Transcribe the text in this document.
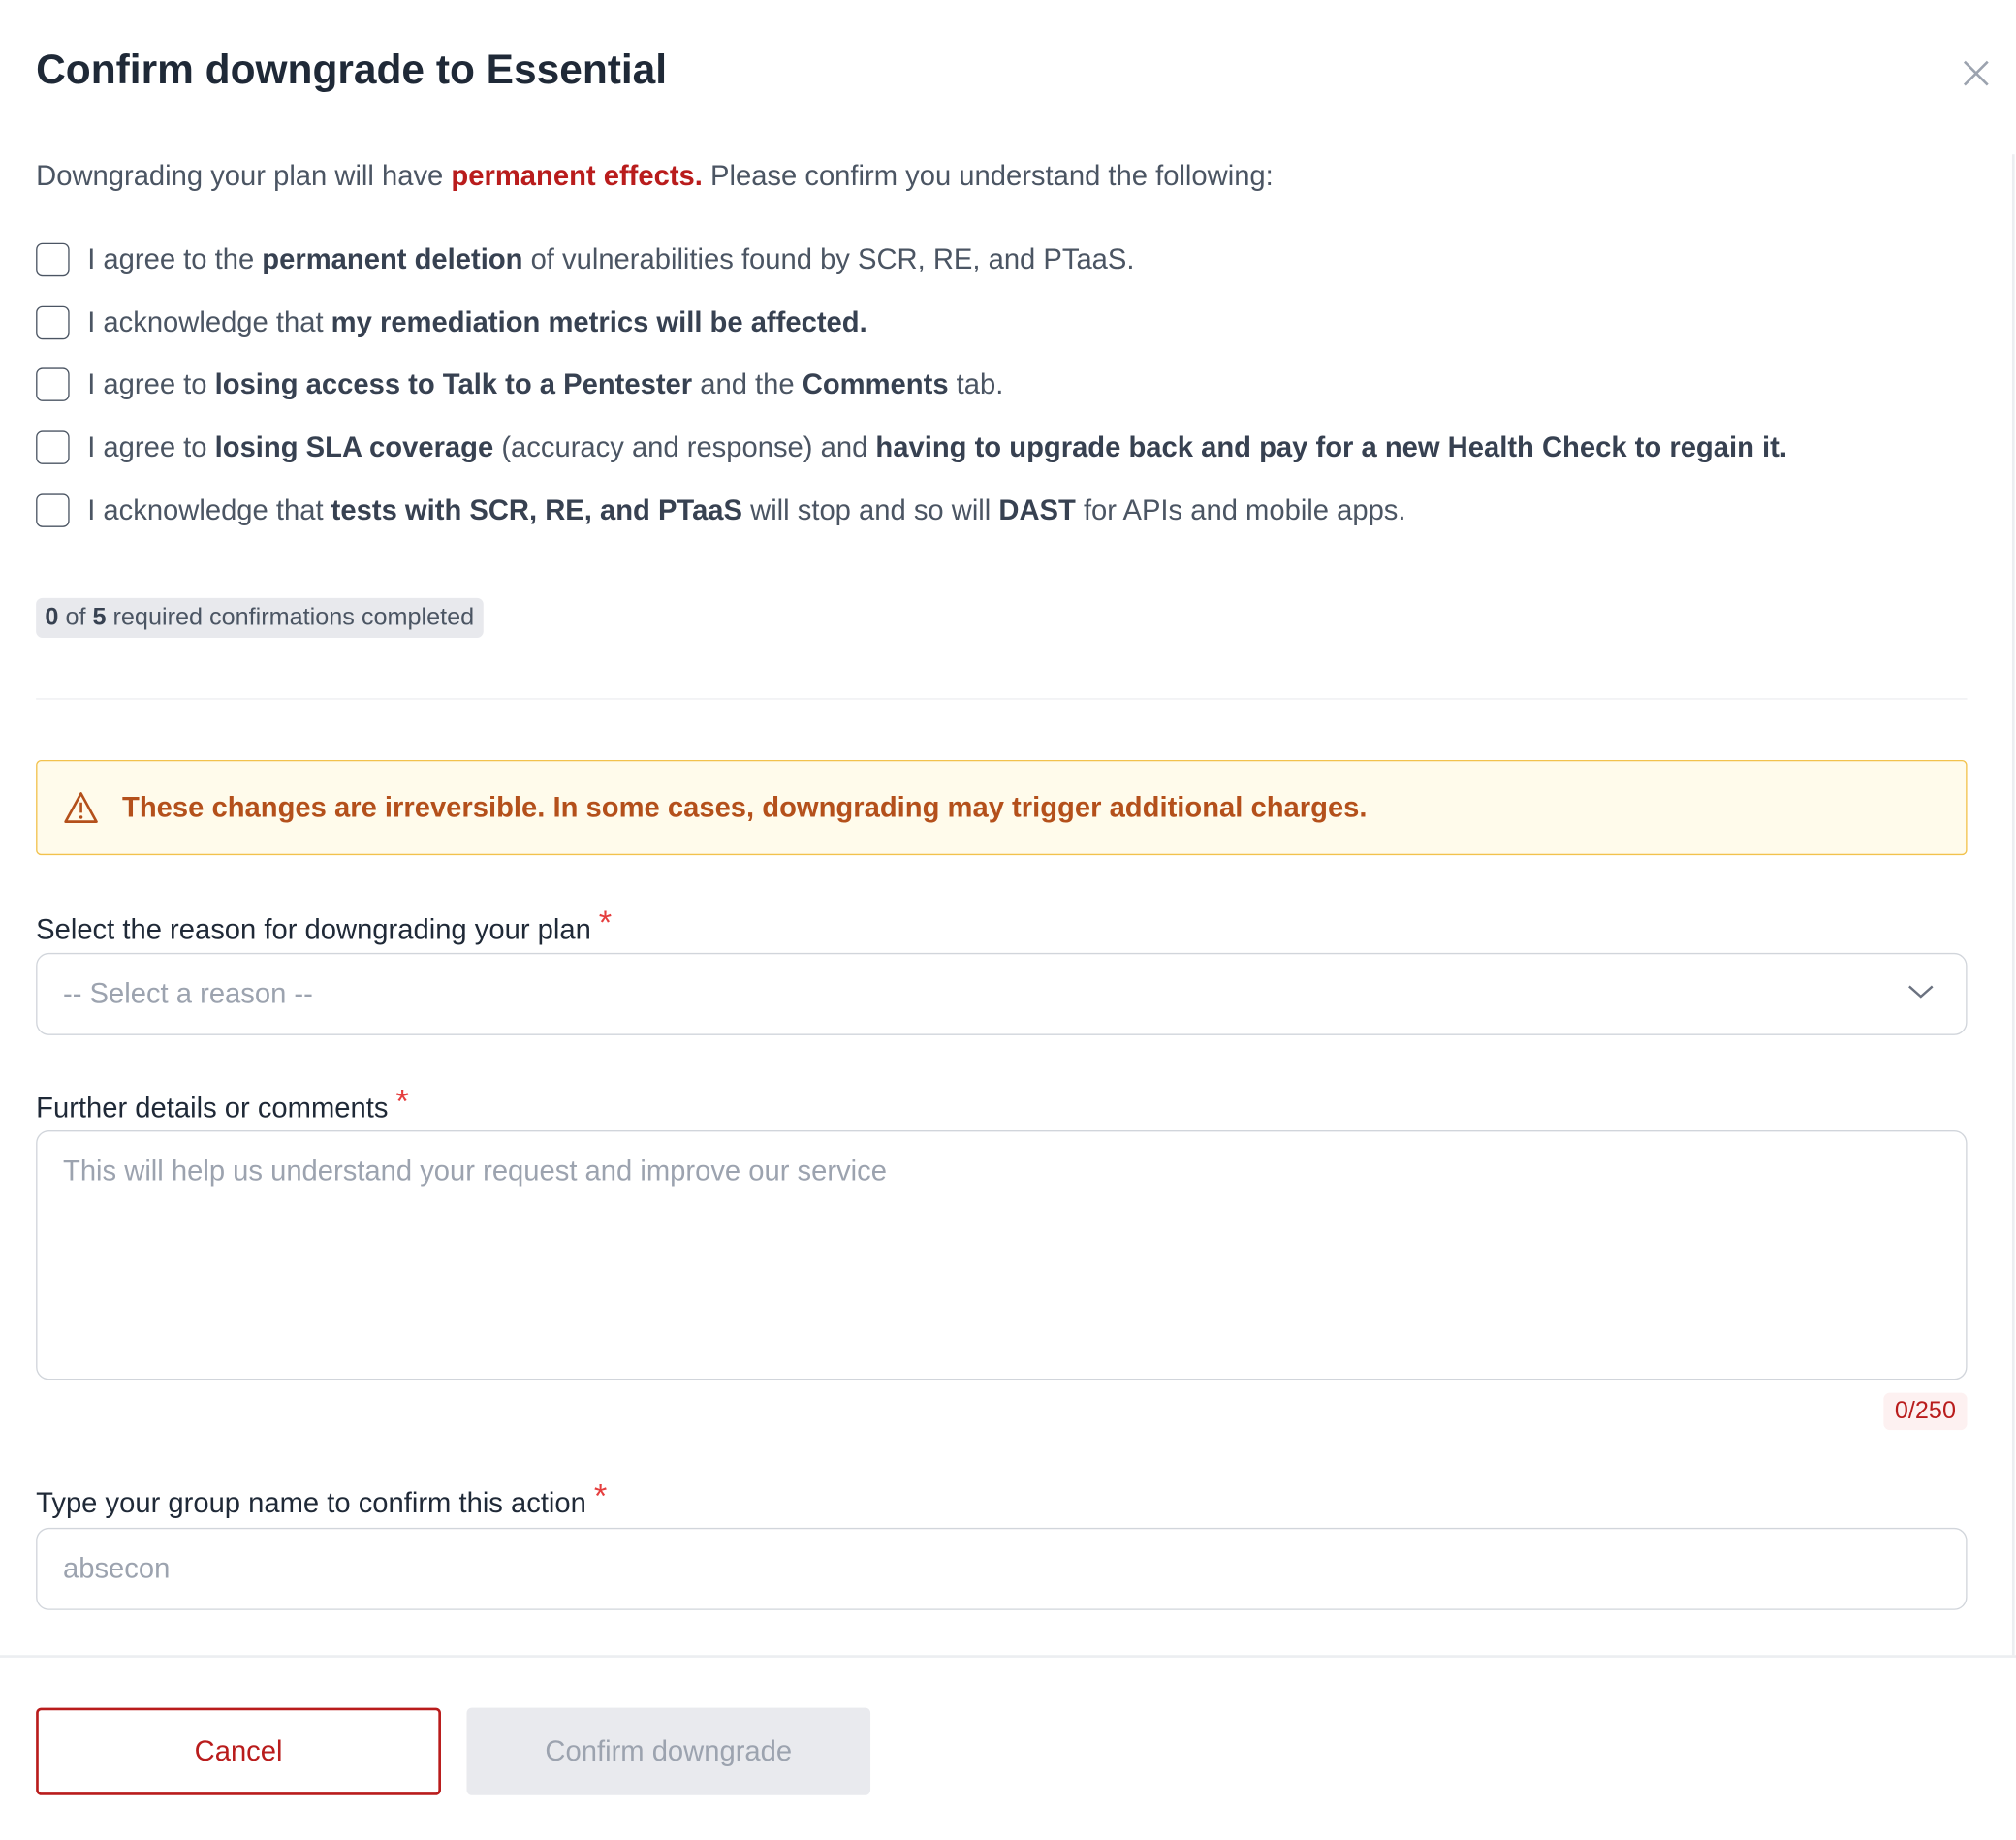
Confirm downgrade to Essential
Downgrading your plan will have permanent effects. Please confirm you understand the following:
I agree to the permanent deletion of vulnerabilities found by SCR, RE, and PTaaS.
I acknowledge that my remediation metrics will be affected.
I agree to losing access to Talk to a Pentester and the Comments tab.
I agree to losing SLA coverage (accuracy and response) and having to upgrade back and pay for a new Health Check to regain it.
I acknowledge that tests with SCR, RE, and PTaaS will stop and so will DAST for APIs and mobile apps.
0 of 5 required confirmations completed
These changes are irreversible. In some cases, downgrading may trigger additional charges.
Select the reason for downgrading your plan *
-- Select a reason --
Further details or comments *
This will help us understand your request and improve our service
0/250
Type your group name to confirm this action *
absecon
Cancel	Confirm downgrade
